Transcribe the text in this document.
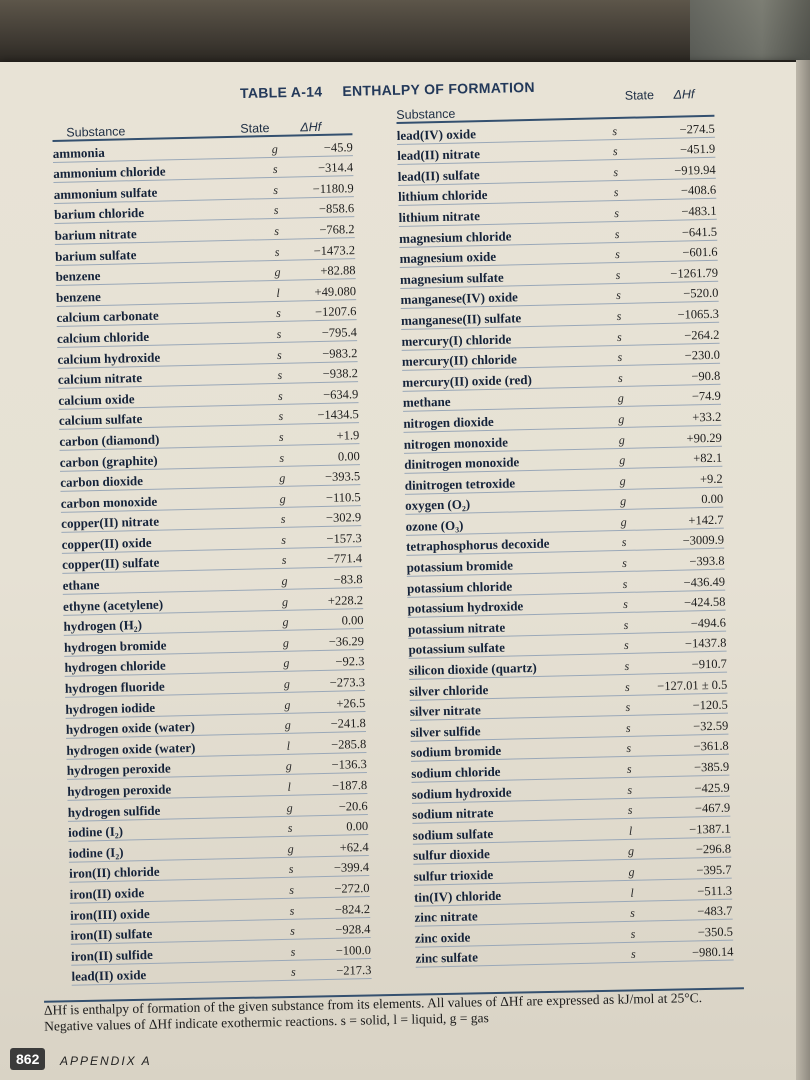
TABLE A-14 ENTHALPY OF FORMATION
Substance	State	ΔHf
ammonia	g	−45.9
ammonium chloride	s	−314.4
ammonium sulfate	s	−1180.9
barium chloride	s	−858.6
barium nitrate	s	−768.2
barium sulfate	s	−1473.2
benzene	g	+82.88
benzene	l	+49.080
calcium carbonate	s	−1207.6
calcium chloride	s	−795.4
calcium hydroxide	s	−983.2
calcium nitrate	s	−938.2
calcium oxide	s	−634.9
calcium sulfate	s	−1434.5
carbon (diamond)	s	+1.9
carbon (graphite)	s	0.00
carbon dioxide	g	−393.5
carbon monoxide	g	−110.5
copper(II) nitrate	s	−302.9
copper(II) oxide	s	−157.3
copper(II) sulfate	s	−771.4
ethane	g	−83.8
ethyne (acetylene)	g	+228.2
hydrogen (H₂)	g	0.00
hydrogen bromide	g	−36.29
hydrogen chloride	g	−92.3
hydrogen fluoride	g	−273.3
hydrogen iodide	g	+26.5
hydrogen oxide (water)	g	−241.8
hydrogen oxide (water)	l	−285.8
hydrogen peroxide	g	−136.3
hydrogen peroxide	l	−187.8
hydrogen sulfide	g	−20.6
iodine (I₂)	s	0.00
iodine (I₂)	g	+62.4
iron(II) chloride	s	−399.4
iron(II) oxide	s	−272.0
iron(III) oxide	s	−824.2
iron(II) sulfate	s	−928.4
iron(II) sulfide	s	−100.0
lead(II) oxide	s	−217.3
Substance
State	ΔHf
lead(IV) oxide	s	−274.5
lead(II) nitrate	s	−451.9
lead(II) sulfate	s	−919.94
lithium chloride	s	−408.6
lithium nitrate	s	−483.1
magnesium chloride	s	−641.5
magnesium oxide	s	−601.6
magnesium sulfate	s	−1261.79
manganese(IV) oxide	s	−520.0
manganese(II) sulfate	s	−1065.3
mercury(I) chloride	s	−264.2
mercury(II) chloride	s	−230.0
mercury(II) oxide (red)	s	−90.8
methane	g	−74.9
nitrogen dioxide	g	+33.2
nitrogen monoxide	g	+90.29
dinitrogen monoxide	g	+82.1
dinitrogen tetroxide	g	+9.2
oxygen (O₂)	g	0.00
ozone (O₃)	g	+142.7
tetraphosphorus decoxide	s	−3009.9
potassium bromide	s	−393.8
potassium chloride	s	−436.49
potassium hydroxide	s	−424.58
potassium nitrate	s	−494.6
potassium sulfate	s	−1437.8
silicon dioxide (quartz)	s	−910.7
silver chloride	s	−127.01 ± 0.5
silver nitrate	s	−120.5
silver sulfide	s	−32.59
sodium bromide	s	−361.8
sodium chloride	s	−385.9
sodium hydroxide	s	−425.9
sodium nitrate	s	−467.9
sodium sulfate	l	−1387.1
sulfur dioxide	g	−296.8
sulfur trioxide	g	−395.7
tin(IV) chloride	l	−511.3
zinc nitrate	s	−483.7
zinc oxide	s	−350.5
zinc sulfate	s	−980.14
ΔHf is enthalpy of formation of the given substance from its elements. All values of ΔHf are expressed as kJ/mol at 25°C. Negative values of ΔHf indicate exothermic reactions. s = solid, l = liquid, g = gas
862	APPENDIX A
